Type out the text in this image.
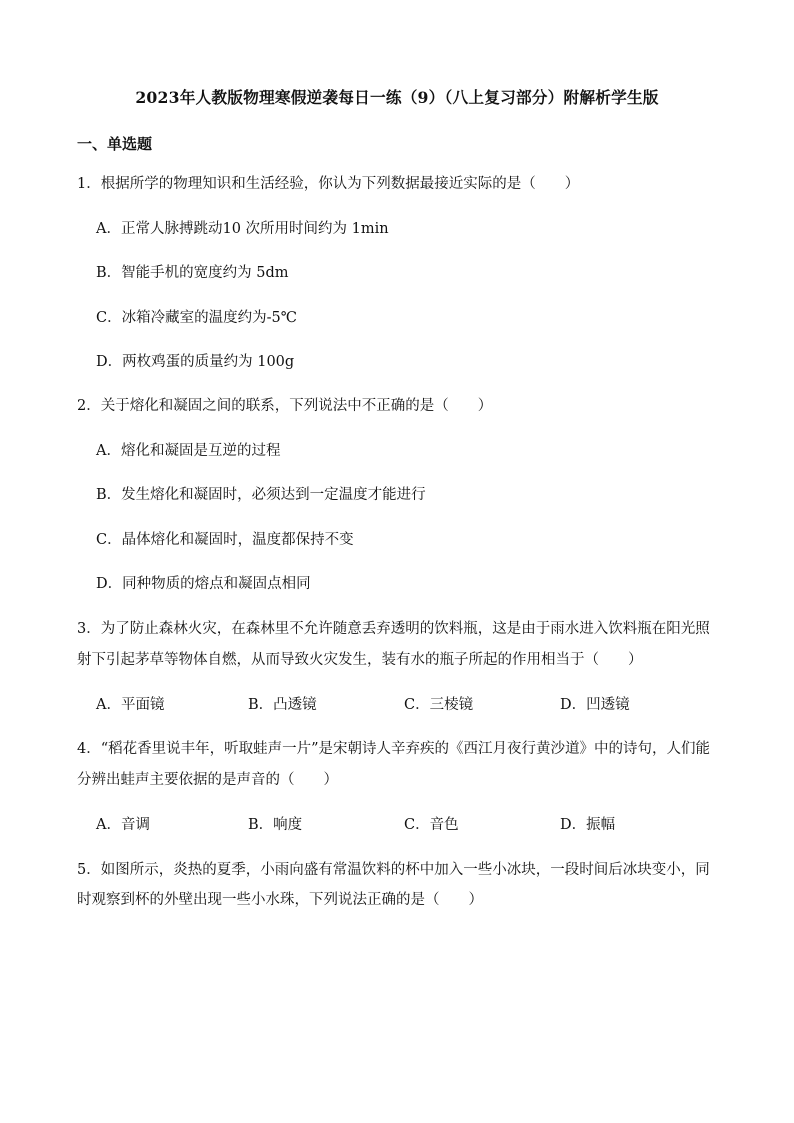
2023年人教版物理寒假逆袭每日一练（9）（八上复习部分）附解析学生版
一、单选题
1．根据所学的物理知识和生活经验，你认为下列数据最接近实际的是（　　）
A．正常人脉搏跳动10 次所用时间约为 1min
B．智能手机的宽度约为 5dm
C．冰箱冷藏室的温度约为-5℃
D．两枚鸡蛋的质量约为 100g
2．关于熔化和凝固之间的联系，下列说法中不正确的是（　　）
A．熔化和凝固是互逆的过程
B．发生熔化和凝固时，必须达到一定温度才能进行
C．晶体熔化和凝固时，温度都保持不变
D．同种物质的熔点和凝固点相同
3．为了防止森林火灾，在森林里不允许随意丢弃透明的饮料瓶，这是由于雨水进入饮料瓶在阳光照
射下引起茅草等物体自燃，从而导致火灾发生，装有水的瓶子所起的作用相当于（　　）
A．平面镜	B．凸透镜	C．三棱镜	D．凹透镜
4．“稻花香里说丰年，听取蛙声一片”是宋朝诗人辛弃疾的《西江月夜行黄沙道》中的诗句，人们能
分辨出蛙声主要依据的是声音的（　　）
A．音调	B．响度	C．音色	D．振幅
5．如图所示，炎热的夏季，小雨向盛有常温饮料的杯中加入一些小冰块，一段时间后冰块变小，同
时观察到杯的外壁出现一些小水珠，下列说法正确的是（　　）
